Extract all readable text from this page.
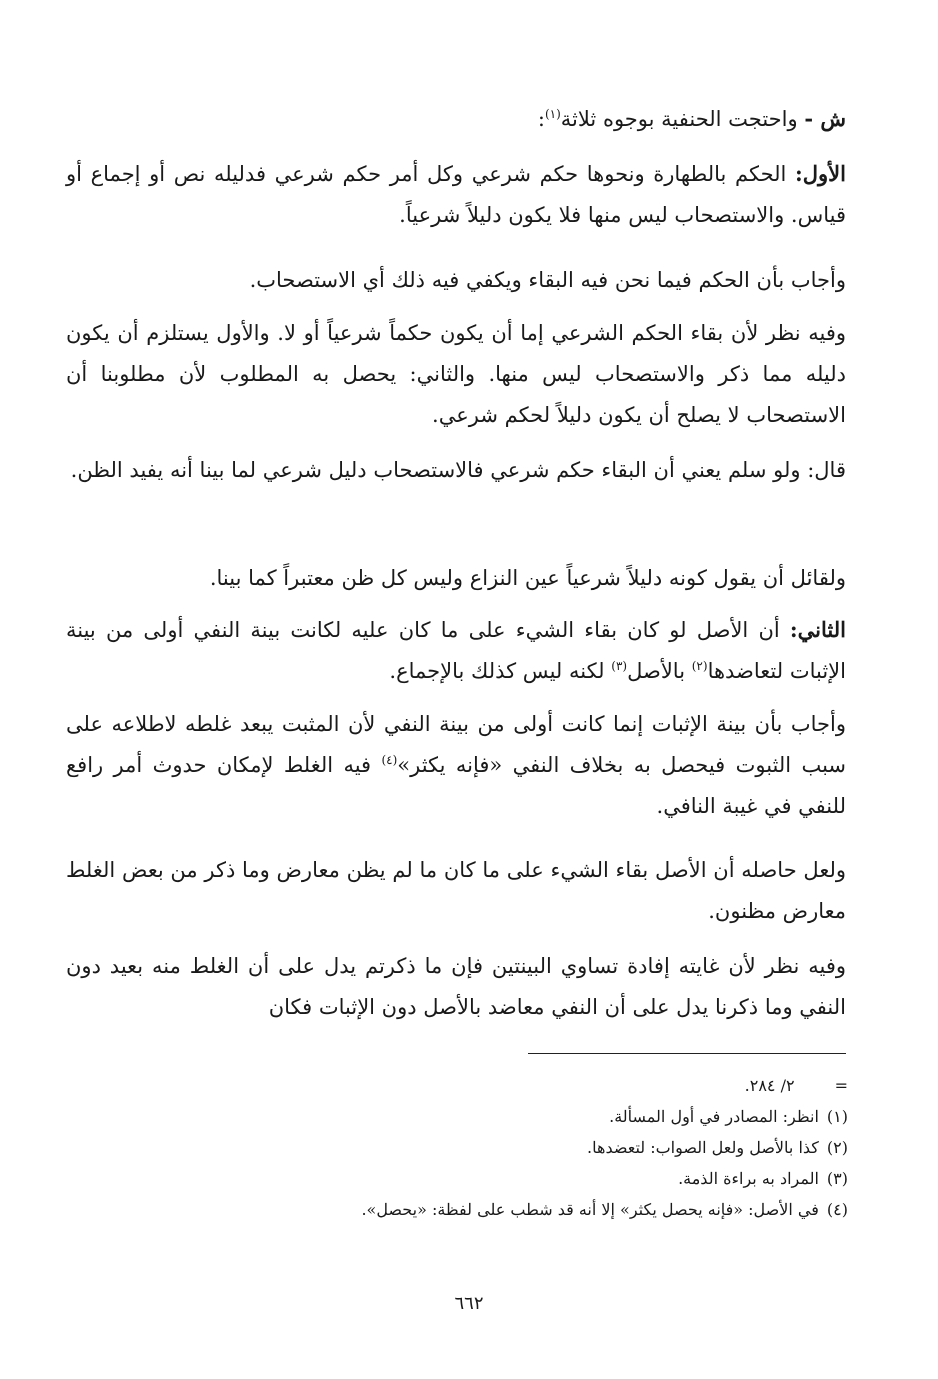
ش - واحتجت الحنفية بوجوه ثلاثة$^{(١)}$:
الأول: الحكم بالطهارة ونحوها حكم شرعي وكل أمر حكم شرعي فدليله نص أو إجماع أو قياس. والاستصحاب ليس منها فلا يكون دليلاً شرعياً.
وأجاب بأن الحكم فيما نحن فيه البقاء ويكفي فيه ذلك أي الاستصحاب.
وفيه نظر لأن بقاء الحكم الشرعي إما أن يكون حكماً شرعياً أو لا. والأول يستلزم أن يكون دليله مما ذكر والاستصحاب ليس منها. والثاني: يحصل به المطلوب لأن مطلوبنا أن الاستصحاب لا يصلح أن يكون دليلاً لحكم شرعي.
قال: ولو سلم يعني أن البقاء حكم شرعي فالاستصحاب دليل شرعي لما بينا أنه يفيد الظن.
ولقائل أن يقول كونه دليلاً شرعياً عين النزاع وليس كل ظن معتبراً كما بينا.
الثاني: أن الأصل لو كان بقاء الشيء على ما كان عليه لكانت بينة النفي أولى من بينة الإثبات لتعاضدها$^{(٢)}$ بالأصل$^{(٣)}$ لكنه ليس كذلك بالإجماع.
وأجاب بأن بينة الإثبات إنما كانت أولى من بينة النفي لأن المثبت يبعد غلطه لاطلاعه على سبب الثبوت فيحصل به بخلاف النفي «فإنه يكثر»$^{(٤)}$ فيه الغلط لإمكان حدوث أمر رافع للنفي في غيبة النافي.
ولعل حاصله أن الأصل بقاء الشيء على ما كان ما لم يظن معارض وما ذكر من بعض الغلط معارض مظنون.
وفيه نظر لأن غايته إفادة تساوي البينتين فإن ما ذكرتم يدل على أن الغلط منه بعيد دون النفي وما ذكرنا يدل على أن النفي معاضد بالأصل دون الإثبات فكان
=٢/ ٢٨٤.
(١)انظر: المصادر في أول المسألة.
(٢)كذا بالأصل ولعل الصواب: لتعضدها.
(٣)المراد به براءة الذمة.
(٤)في الأصل: «فإنه يحصل يكثر» إلا أنه قد شطب على لفظة: «يحصل».
٦٦٢
